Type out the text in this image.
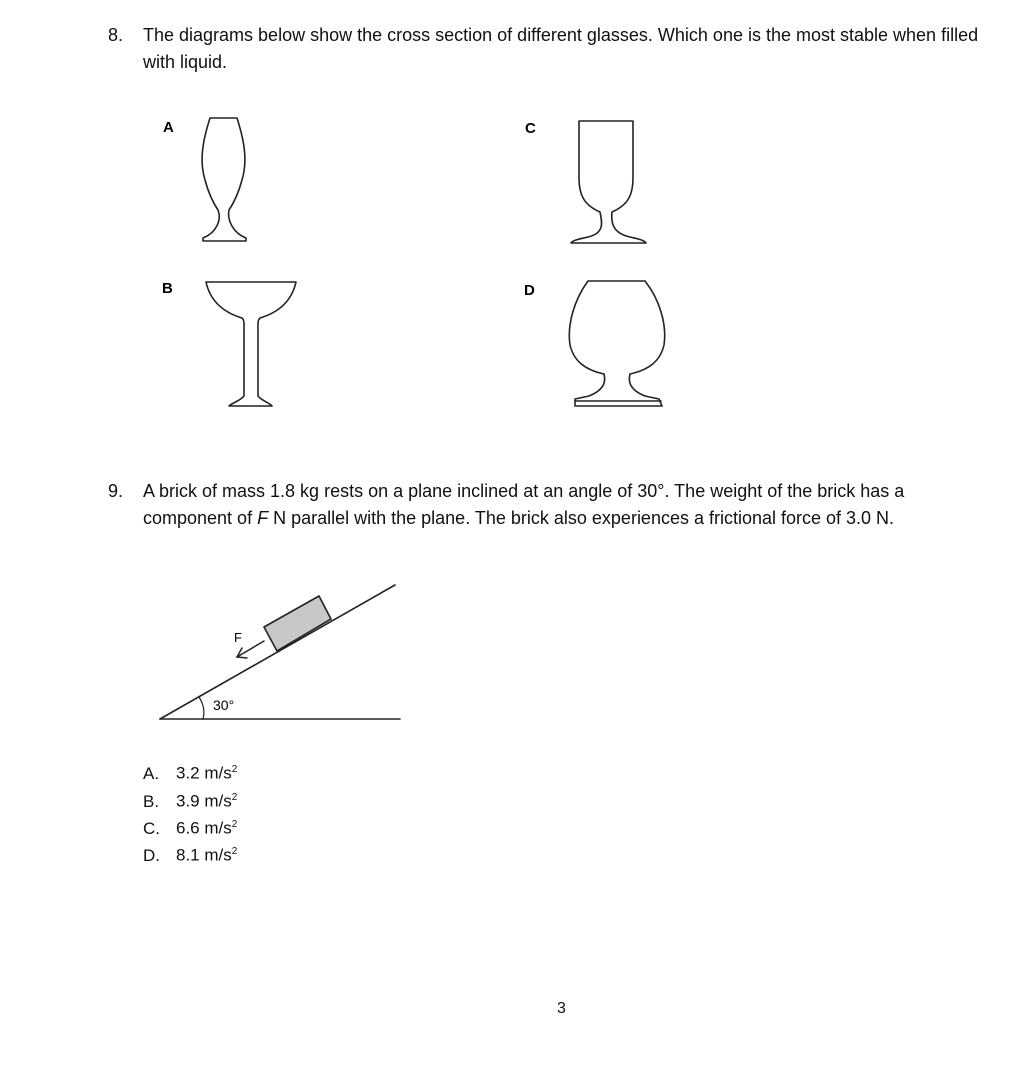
8. The diagrams below show the cross section of different glasses. Which one is the most stable when filled with liquid.
A
B
C
D
F
30°
9. A brick of mass 1.8 kg rests on a plane inclined at an angle of 30°. The weight of the brick has a component of F N parallel with the plane. The brick also experiences a frictional force of 3.0 N.
A. 3.2 $m/s^2$
B. 3.9 $m/s^2$
C. 6.6 $m/s^2$
D. 8.1 $m/s^2$
3
